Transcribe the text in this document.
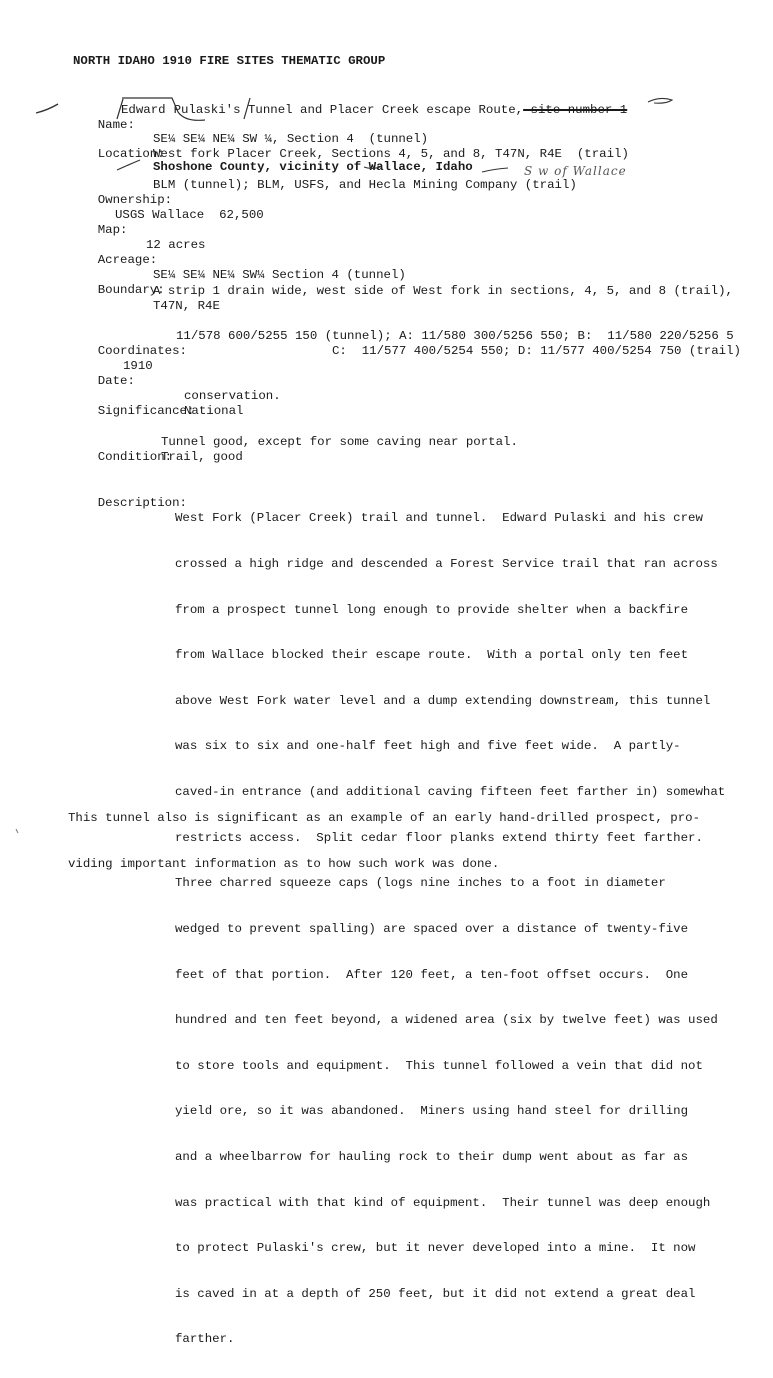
NORTH IDAHO 1910 FIRE SITES THEMATIC GROUP

Name:

Edward Pulaski's Tunnel and Placer Creek escape Route, site number 1

Location:

SE¼ SE¼ NE¼ SW ¼, Section 4  (tunnel)
West fork Placer Creek, Sections 4, 5, and 8, T47N, R4E  (trail)
Shoshone County, vicinity of Wallace, Idaho	S w of Wallace

Ownership:

BLM (tunnel); BLM, USFS, and Hecla Mining Company (trail)

Map:

USGS Wallace  62,500

Acreage:

12 acres

Boundary:

SE¼ SE¼ NE¼ SW¼ Section 4 (tunnel)
A strip 1 drain wide, west side of West fork in sections, 4, 5, and 8 (trail),
T47N, R4E

Coordinates:

11/578 600/5255 150 (tunnel); A: 11/580 300/5256 550; B:  11/580 220/5256 5
C:  11/577 400/5254 550; D: 11/577 400/5254 750 (trail)

Date:

1910

Significance:

conservation.
National

Condition:

Tunnel good, except for some caving near portal.
Trail, good

Description:

West Fork (Placer Creek) trail and tunnel.  Edward Pulaski and his crew

crossed a high ridge and descended a Forest Service trail that ran across

from a prospect tunnel long enough to provide shelter when a backfire

from Wallace blocked their escape route.  With a portal only ten feet

above West Fork water level and a dump extending downstream, this tunnel

was six to six and one-half feet high and five feet wide.  A partly-

caved-in entrance (and additional caving fifteen feet farther in) somewhat

restricts access.  Split cedar floor planks extend thirty feet farther.

Three charred squeeze caps (logs nine inches to a foot in diameter

wedged to prevent spalling) are spaced over a distance of twenty-five

feet of that portion.  After 120 feet, a ten-foot offset occurs.  One

hundred and ten feet beyond, a widened area (six by twelve feet) was used

to store tools and equipment.  This tunnel followed a vein that did not

yield ore, so it was abandoned.  Miners using hand steel for drilling

and a wheelbarrow for hauling rock to their dump went about as far as

was practical with that kind of equipment.  Their tunnel was deep enough

to protect Pulaski's crew, but it never developed into a mine.  It now

is caved in at a depth of 250 feet, but it did not extend a great deal

farther.

This tunnel also is significant as an example of an early hand-drilled prospect, pro-

viding important information as to how such work was done.
